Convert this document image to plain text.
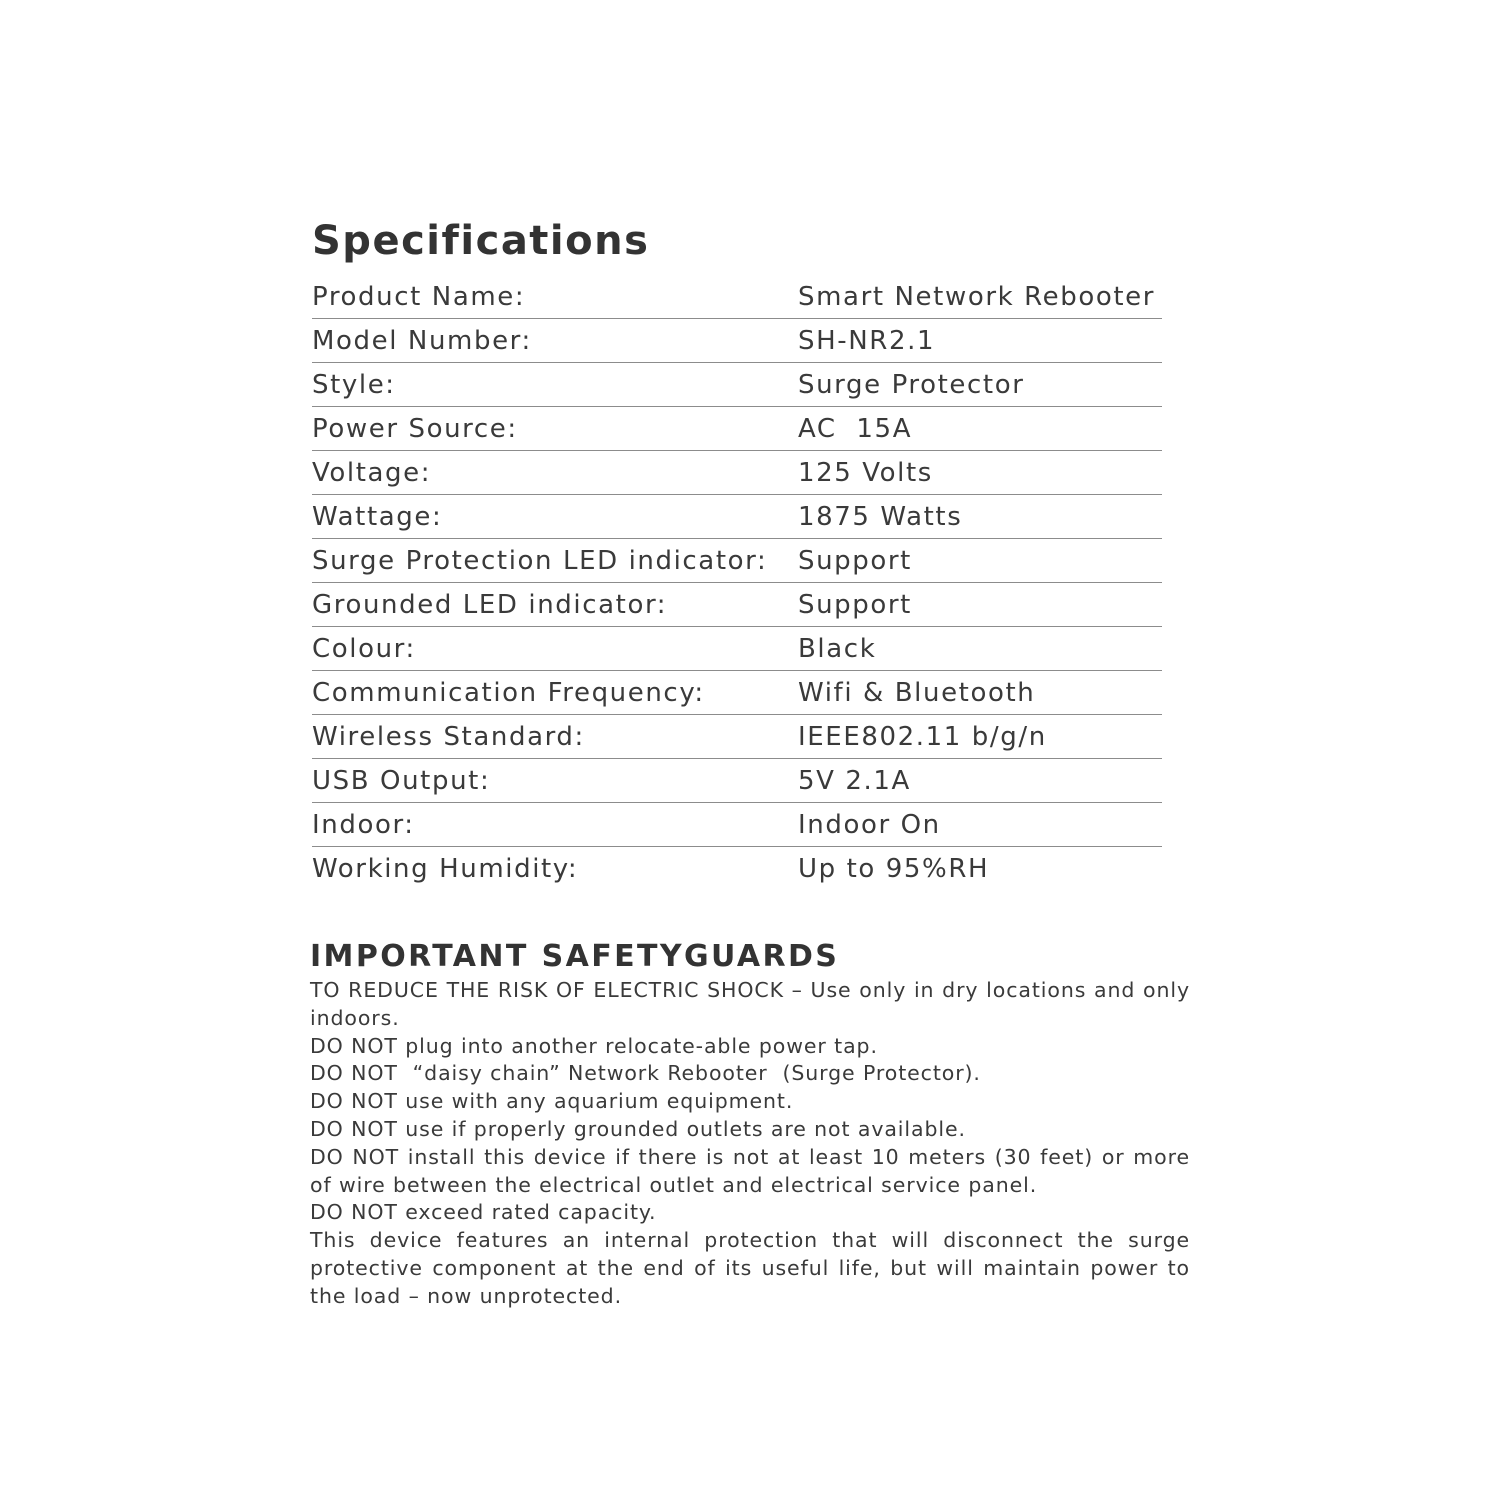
Specifications
Product Name:	Smart Network Rebooter
Model Number:	SH-NR2.1
Style:	Surge Protector
Power Source:	AC  15A
Voltage:	125 Volts
Wattage:	1875 Watts
Surge Protection LED indicator:	Support
Grounded LED indicator:	Support
Colour:	Black
Communication Frequency:	Wifi & Bluetooth
Wireless Standard:	IEEE802.11 b/g/n
USB Output:	5V 2.1A
Indoor:	Indoor On
Working Humidity:	Up to 95%RH
IMPORTANT SAFETYGUARDS
TO REDUCE THE RISK OF ELECTRIC SHOCK – Use only in dry locations and only
indoors.
DO NOT plug into another relocate-able power tap.
DO NOT  “daisy chain” Network Rebooter  (Surge Protector).
DO NOT use with any aquarium equipment.
DO NOT use if properly grounded outlets are not available.
DO NOT install this device if there is not at least 10 meters (30 feet) or more
of wire between the electrical outlet and electrical service panel.
DO NOT exceed rated capacity.
This device features an internal protection that will disconnect the surge
protective component at the end of its useful life, but will maintain power to
the load – now unprotected.
